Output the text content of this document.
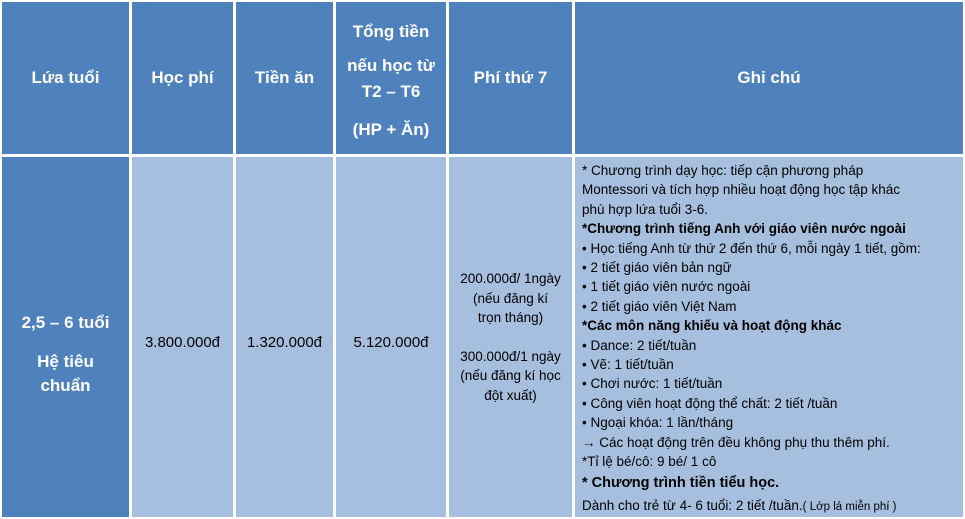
Lứa tuổi	Học phí Tiền ăn
Tổng tiền
nếu học từ
T2 – T6
(HP + Ăn)
Phí thứ 7	Ghi chú
2,5 – 6 tuổi
Hệ tiêu
chuẩn
3.800.000đ 1.320.000đ 5.120.000đ
200.000đ/ 1ngày
(nếu đăng kí
trọn tháng)
300.000đ/1 ngày
(nếu đăng kí học
đột xuất)
* Chương trình dạy học: tiếp cận phương pháp
Montessori và tích hợp nhiều hoạt động học tập khác
phù hợp lứa tuổi 3-6.
*Chương trình tiếng Anh với giáo viên nước ngoài
• Học tiếng Anh từ thứ 2 đến thứ 6, mỗi ngày 1 tiết, gồm:
• 2 tiết giáo viên bản ngữ
• 1 tiết giáo viên nước ngoài
• 2 tiết giáo viên Việt Nam
*Các môn năng khiếu và hoạt động khác
• Dance: 2 tiết/tuần
• Vẽ: 1 tiết/tuần
• Chơi nước: 1 tiết/tuần
• Công viên hoạt động thể chất: 2 tiết /tuần
• Ngoại khóa: 1 lần/tháng
→ Các hoạt động trên đều không phụ thu thêm phí.
*Tỉ lệ bé/cô: 9 bé/ 1 cô
* Chương trình tiền tiểu học.
Dành cho trẻ từ 4- 6 tuổi: 2 tiết /tuần.( Lớp lá miễn phí )
